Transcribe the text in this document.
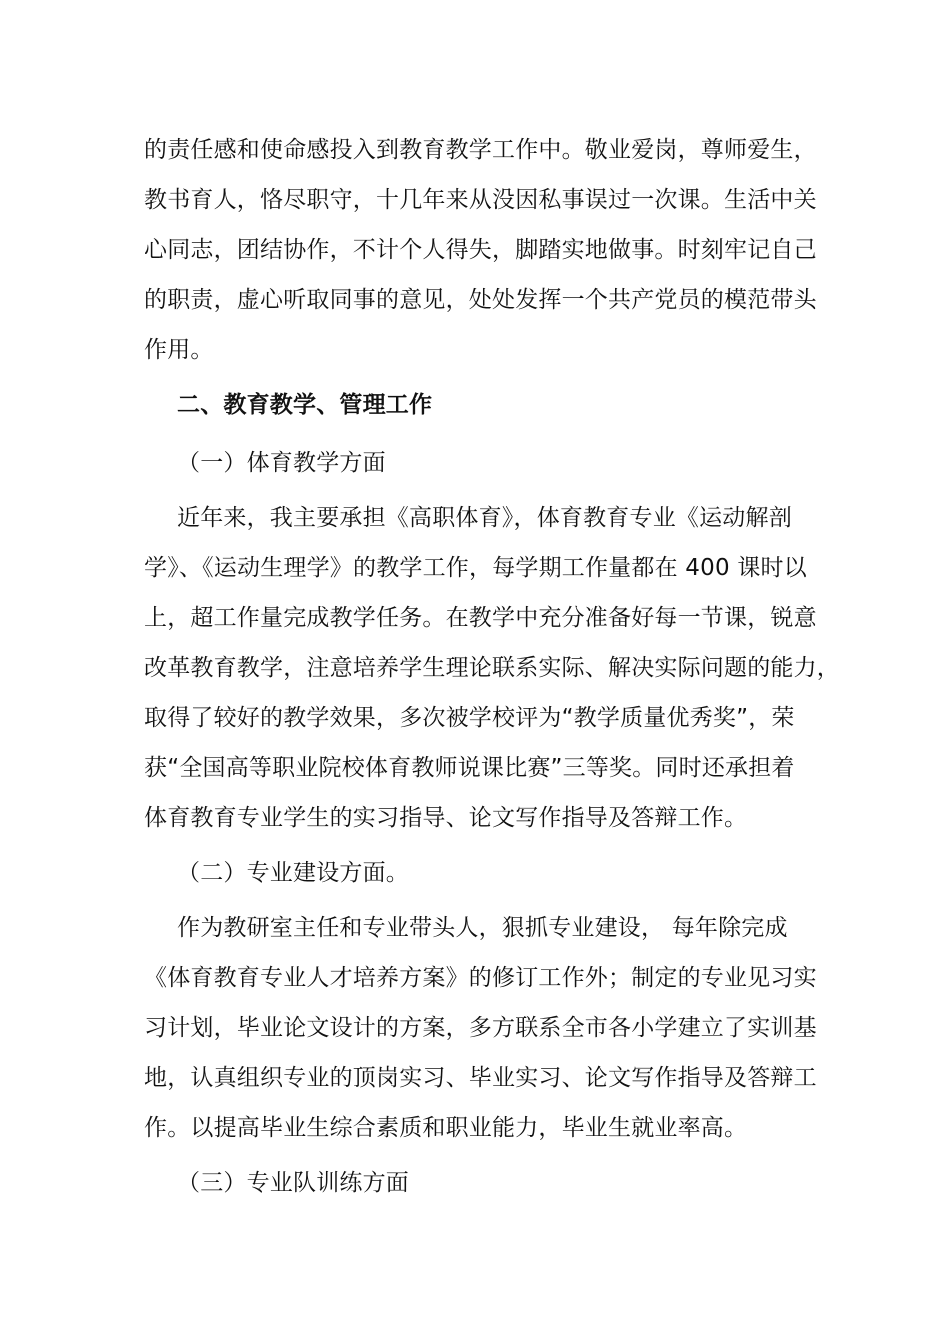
的责任感和使命感投入到教育教学工作中。敬业爱岗，尊师爱生，
教书育人，恪尽职守，十几年来从没因私事误过一次课。生活中关
心同志，团结协作，不计个人得失，脚踏实地做事。时刻牢记自己
的职责，虚心听取同事的意见，处处发挥一个共产党员的模范带头
作用。
二、教育教学、管理工作
（一）体育教学方面
近年来，我主要承担《高职体育》，体育教育专业《运动解剖
学》、《运动生理学》的教学工作，每学期工作量都在 400 课时以
上，超工作量完成教学任务。在教学中充分准备好每一节课，锐意
改革教育教学，注意培养学生理论联系实际、解决实际问题的能力，
取得了较好的教学效果，多次被学校评为“教学质量优秀奖”，荣
获“全国高等职业院校体育教师说课比赛”三等奖。同时还承担着
体育教育专业学生的实习指导、论文写作指导及答辩工作。
（二）专业建设方面。
作为教研室主任和专业带头人，狠抓专业建设， 每年除完成
《体育教育专业人才培养方案》的修订工作外；制定的专业见习实
习计划，毕业论文设计的方案，多方联系全市各小学建立了实训基
地，认真组织专业的顶岗实习、毕业实习、论文写作指导及答辩工
作。以提高毕业生综合素质和职业能力，毕业生就业率高。
（三）专业队训练方面
